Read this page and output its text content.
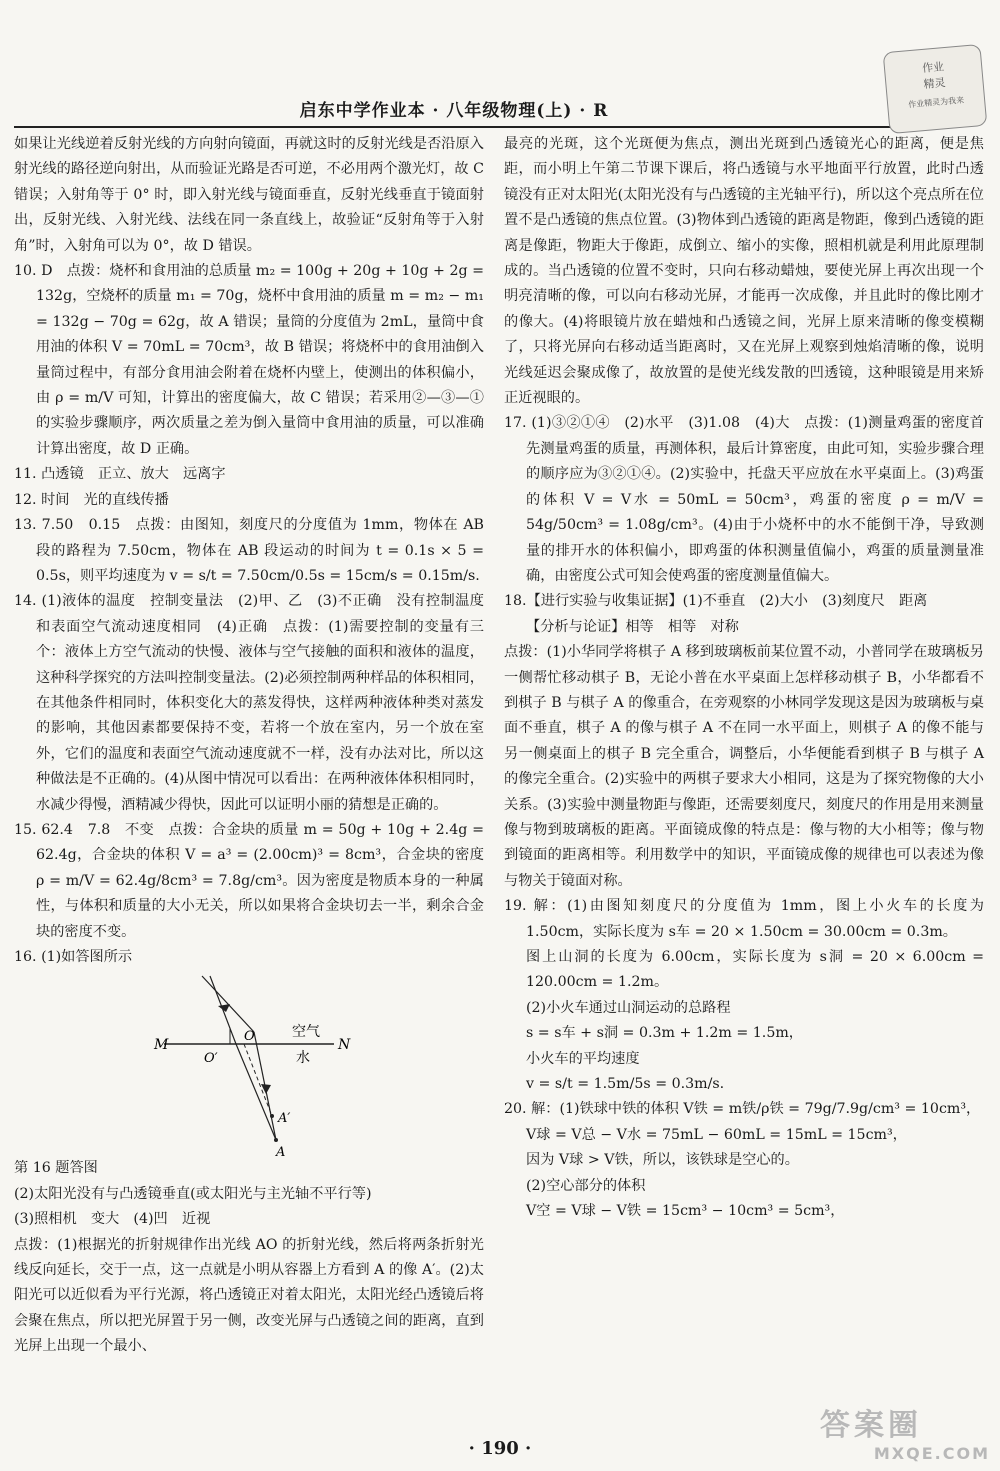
启东中学作业本 · 八年级物理(上) · R
作业
精灵
作业精灵为我来

如果让光线逆着反射光线的方向射向镜面，再就这时的反射光线是否沿原入射光线的路径逆向射出，从而验证光路是否可逆，不必用两个激光灯，故 C 错误；入射角等于 0° 时，即入射光线与镜面垂直，反射光线垂直于镜面射出，反射光线、入射光线、法线在同一条直线上，故验证“反射角等于入射角”时，入射角可以为 0°，故 D 错误。

10. D　点拨：烧杯和食用油的总质量 m₂ = 100g + 20g + 10g + 2g = 132g，空烧杯的质量 m₁ = 70g，烧杯中食用油的质量 m = m₂ − m₁ = 132g − 70g = 62g，故 A 错误；量筒的分度值为 2mL，量筒中食用油的体积 V = 70mL = 70cm³，故 B 错误；将烧杯中的食用油倒入量筒过程中，有部分食用油会附着在烧杯内壁上，使测出的体积偏小，由 ρ = m/V 可知，计算出的密度偏大，故 C 错误；若采用②—③—①的实验步骤顺序，两次质量之差为倒入量筒中食用油的质量，可以准确计算出密度，故 D 正确。

11. 凸透镜　正立、放大　远离字

12. 时间　光的直线传播

13. 7.50　0.15　点拨：由图知，刻度尺的分度值为 1mm，物体在 AB 段的路程为 7.50cm，物体在 AB 段运动的时间为 t = 0.1s × 5 = 0.5s，则平均速度为 v = s/t = 7.50cm/0.5s = 15cm/s = 0.15m/s.

14. (1)液体的温度　控制变量法　(2)甲、乙　(3)不正确　没有控制温度和表面空气流动速度相同　(4)正确　点拨：(1)需要控制的变量有三个：液体上方空气流动的快慢、液体与空气接触的面积和液体的温度，这种科学探究的方法叫控制变量法。(2)必须控制两种样品的体积相同，在其他条件相同时，体积变化大的蒸发得快，这样两种液体种类对蒸发的影响，其他因素都要保持不变，若将一个放在室内，另一个放在室外，它们的温度和表面空气流动速度就不一样，没有办法对比，所以这种做法是不正确的。(4)从图中情况可以看出：在两种液体体积相同时，水减少得慢，酒精减少得快，因此可以证明小丽的猜想是正确的。

15. 62.4　7.8　不变　点拨：合金块的质量 m = 50g + 10g + 2.4g = 62.4g，合金块的体积 V = a³ = (2.00cm)³ = 8cm³，合金块的密度 ρ = m/V = 62.4g/8cm³ = 7.8g/cm³。因为密度是物质本身的一种属性，与体积和质量的大小无关，所以如果将合金块切去一半，剩余合金块的密度不变。

16. (1)如答图所示

M	N
O
O′
空气
水
A′
A

第 16 题答图

(2)太阳光没有与凸透镜垂直(或太阳光与主光轴不平行等)

(3)照相机　变大　(4)凹　近视

点拨：(1)根据光的折射规律作出光线 AO 的折射光线，然后将两条折射光线反向延长，交于一点，这一点就是小明从容器上方看到 A 的像 A′。(2)太阳光可以近似看为平行光源，将凸透镜正对着太阳光，太阳光经凸透镜后将会聚在焦点，所以把光屏置于另一侧，改变光屏与凸透镜之间的距离，直到光屏上出现一个最小、

最亮的光斑，这个光斑便为焦点，测出光斑到凸透镜光心的距离，便是焦距，而小明上午第二节课下课后，将凸透镜与水平地面平行放置，此时凸透镜没有正对太阳光(太阳光没有与凸透镜的主光轴平行)，所以这个亮点所在位置不是凸透镜的焦点位置。(3)物体到凸透镜的距离是物距，像到凸透镜的距离是像距，物距大于像距，成倒立、缩小的实像，照相机就是利用此原理制成的。当凸透镜的位置不变时，只向右移动蜡烛，要使光屏上再次出现一个明亮清晰的像，可以向右移动光屏，才能再一次成像，并且此时的像比刚才的像大。(4)将眼镜片放在蜡烛和凸透镜之间，光屏上原来清晰的像变模糊了，只将光屏向右移动适当距离时，又在光屏上观察到烛焰清晰的像，说明光线延迟会聚成像了，故放置的是使光线发散的凹透镜，这种眼镜是用来矫正近视眼的。

17. (1)③②①④　(2)水平　(3)1.08　(4)大　点拨：(1)测量鸡蛋的密度首先测量鸡蛋的质量，再测体积，最后计算密度，由此可知，实验步骤合理的顺序应为③②①④。(2)实验中，托盘天平应放在水平桌面上。(3)鸡蛋的体积 V = V水 = 50mL = 50cm³，鸡蛋的密度 ρ = m/V = 54g/50cm³ = 1.08g/cm³。(4)由于小烧杯中的水不能倒干净，导致测量的排开水的体积偏小，即鸡蛋的体积测量值偏小，鸡蛋的质量测量准确，由密度公式可知会使鸡蛋的密度测量值偏大。

18.【进行实验与收集证据】(1)不垂直　(2)大小　(3)刻度尺　距离

【分析与论证】相等　相等　对称

点拨：(1)小华同学将棋子 A 移到玻璃板前某位置不动，小普同学在玻璃板另一侧帮忙移动棋子 B，无论小普在水平桌面上怎样移动棋子 B，小华都看不到棋子 B 与棋子 A 的像重合，在旁观察的小林同学发现这是因为玻璃板与桌面不垂直，棋子 A 的像与棋子 A 不在同一水平面上，则棋子 A 的像不能与另一侧桌面上的棋子 B 完全重合，调整后，小华便能看到棋子 B 与棋子 A 的像完全重合。(2)实验中的两棋子要求大小相同，这是为了探究物像的大小关系。(3)实验中测量物距与像距，还需要刻度尺，刻度尺的作用是用来测量像与物到玻璃板的距离。平面镜成像的特点是：像与物的大小相等；像与物到镜面的距离相等。利用数学中的知识，平面镜成像的规律也可以表述为像与物关于镜面对称。

19. 解：(1)由图知刻度尺的分度值为 1mm，图上小火车的长度为 1.50cm，实际长度为 s车 = 20 × 1.50cm = 30.00cm = 0.3m。

图上山洞的长度为 6.00cm，实际长度为 s洞 = 20 × 6.00cm = 120.00cm = 1.2m。

(2)小火车通过山洞运动的总路程

s = s车 + s洞 = 0.3m + 1.2m = 1.5m，

小火车的平均速度

v = s/t = 1.5m/5s = 0.3m/s.

20. 解：(1)铁球中铁的体积 V铁 = m铁/ρ铁 = 79g/7.9g/cm³ = 10cm³，

V球 = V总 − V水 = 75mL − 60mL = 15mL = 15cm³，

因为 V球 > V铁，所以，该铁球是空心的。

(2)空心部分的体积

V空 = V球 − V铁 = 15cm³ − 10cm³ = 5cm³，

· 190 ·
答案圈
MXQE.COM
